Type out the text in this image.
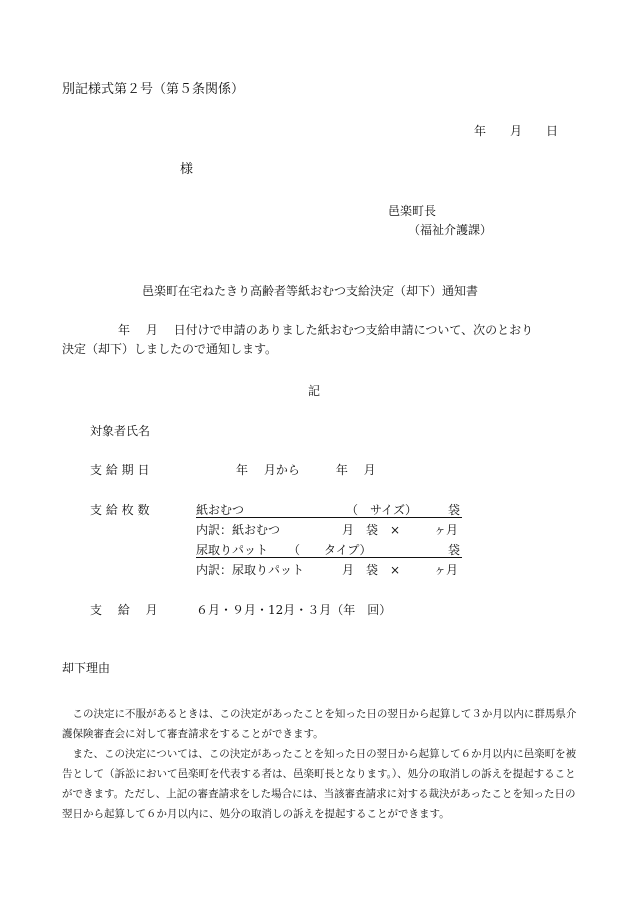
別記様式第２号（第５条関係）
年　　月　　日
様
邑楽町長
（福祉介護課）
邑楽町在宅ねたきり高齢者等紙おむつ支給決定（却下）通知書
年　 月　 日付けで申請のありました紙おむつ支給申請について、次のとおり
決定（却下）しましたので通知します。
記
対象者氏名
支 給 期 日	年　 月から　　　年　 月
支 給 枚 数	紙おむつ	（　サイズ）	袋
内訳：紙おむつ	月　袋　×	ヶ月
尿取りパット （　　タイプ）	袋
内訳：尿取りパット	月　袋　×	ヶ月
支　 給　 月	６月・９月・12月・３月（年　回）
却下理由

この決定に不服があるときは、この決定があったことを知った日の翌日から起算して３か月以内に群馬県介護保険審査会に対して審査請求をすることができます。

また、この決定については、この決定があったことを知った日の翌日から起算して６か月以内に邑楽町を被告として（訴訟において邑楽町を代表する者は、邑楽町長となります。）、処分の取消しの訴えを提起することができます。ただし、上記の審査請求をした場合には、当該審査請求に対する裁決があったことを知った日の翌日から起算して６か月以内に、処分の取消しの訴えを提起することができます。
